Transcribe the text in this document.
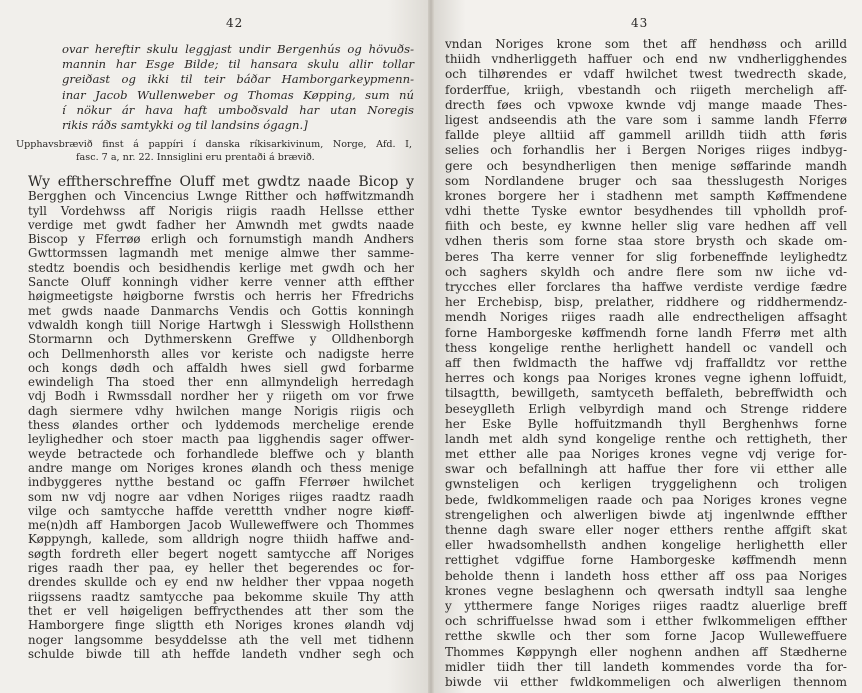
42
ovar hereftir skulu leggjast undir Bergenhús og hövuðs-
mannin har Esge Bilde; til hansara skulu allir tollar
greiðast og ikki til teir báðar Hamborgarkeypmenn-
inar Jacob Wullenweber og Thomas Køpping, sum nú
í nökur ár hava haft umboðsvald har utan Noregis
rikis ráðs samtykki og til landsins ógagn.]
Upphavsbrævið finst á pappíri í danska ríkisarkivinum, Norge, Afd. I,
fasc. 7 a, nr. 22. Innsiglini eru prentaði á brævið.
Wy efftherschreffne Oluff met gwdtz naade Bicop y
Bergghen och Vincencius Lwnge Ritther och høffwitzmandh
tyll Vordehwss aff Norigis riigis raadh Hellsse etther
verdige met gwdt fadher her Amwndh met gwdts naade
Biscop y Fferrøø erligh och fornumstigh mandh Andhers
Gwttormssen lagmandh met menige almwe ther samme-
stedtz boendis och besidhendis kerlige met gwdh och her
Sancte Oluff konningh vidher kerre venner atth effther
høigmeetigste høigborne fwrstis och herris her Ffredrichs
met gwds naade Danmarchs Vendis och Gottis konningh
vdwaldh kongh tiill Norige Hartwgh i Slesswigh Hollsthenn
Stormarnn och Dythmerskenn Greffwe y Olldhenborgh
och Dellmenhorsth alles vor keriste och nadigste herre
och kongs dødh och affaldh hwes siell gwd forbarme
ewindeligh Tha stoed ther enn allmyndeligh herredagh
vdj Bodh i Rwmssdall nordher her y riigeth om vor frwe
dagh siermere vdhy hwilchen mange Norigis riigis och
thess ølandes orther och lyddemods merchelige erende
leylighedher och stoer macth paa ligghendis sager offwer-
weyde betractede och forhandlede bleffwe och y blanth
andre mange om Noriges krones ølandh och thess menige
indbyggeres nytthe bestand oc gaffn Fferrøer hwilchet
som nw vdj nogre aar vdhen Noriges riiges raadtz raadh
vilge och samtycche haffde verettth vndher nogre kiøff-
me(n)dh aff Hamborgen Jacob Wulleweffwere och Thommes
Køppyngh, kallede, som alldrigh nogre thiidh haffwe and-
søgth fordreth eller begert nogett samtycche aff Noriges
riges raadh ther paa, ey heller thet begerendes oc for-
drendes skullde och ey end nw heldher ther vppaa nogeth
riigssens raadtz samtycche paa bekomme skuile Thy atth
thet er vell høigeligen beffrycthendes att ther som the
Hamborgere finge sligtth eth Noriges krones ølandh vdj
noger langsomme besyddelsse ath the vell met tidhenn
schulde biwde till ath heffde landeth vndher segh och
43
vndan Noriges krone som thet aff hendhøss och arilld
thiidh vndherliggeth haffuer och end nw vndherligghendes
och tilhørendes er vdaff hwilchet twest twedrecth skade,
forderffue, kriigh, vbestandh och riigeth mercheligh aff-
drecth føes och vpwoxe kwnde vdj mange maade Thes-
ligest andseendis ath the vare som i samme landh Fferrø
fallde pleye alltiid aff gammell arilldh tiidh atth føris
selies och forhandlis her i Bergen Noriges riiges indbyg-
gere och besyndherligen then menige søffarinde mandh
som Nordlandene bruger och saa thesslugesth Noriges
krones borgere her i stadhenn met sampth Køffmendene
vdhi thette Tyske ewntor besydhendes till vpholldh prof-
fiith och beste, ey kwnne heller slig vare hedhen aff vell
vdhen theris som forne staa store brysth och skade om-
beres Tha kerre venner for slig forbeneffnde leylighedtz
och saghers skyldh och andre flere som nw iiche vd-
trycches eller forclares tha haffwe verdiste verdige fædre
her Erchebisp, bisp, prelather, riddhere og riddhermendz-
mendh Noriges riiges raadh alle endrectheligen affsaght
forne Hamborgeske køffmendh forne landh Fferrø met alth
thess kongelige renthe herlighett handell oc vandell och
aff then fwldmacth the haffwe vdj fraffalldtz vor retthe
herres och kongs paa Noriges krones vegne ighenn loffuidt,
tilsagtth, bewillgeth, samtyceth beffaleth, bebreffwidth och
beseyglleth Erligh velbyrdigh mand och Strenge riddere
her Eske Bylle hoffuitzmandh thyll Berghenhws forne
landh met aldh synd kongelige renthe och rettigheth, ther
met etther alle paa Noriges krones vegne vdj verige for-
swar och befallningh att haffue ther fore vii etther alle
gwnsteligen och kerligen tryggelighenn och troligen
bede, fwldkommeligen raade och paa Noriges krones vegne
strengelighen och alwerligen biwde atj ingenlwnde effther
thenne dagh sware eller noger etthers renthe affgift skat
eller hwadsomhellsth andhen kongelige herlighetth eller
rettighet vdgiffue forne Hamborgeske køffmendh menn
beholde thenn i landeth hoss etther aff oss paa Noriges
krones vegne beslaghenn och qwersath indtyll saa lenghe
y ytthermere fange Noriges riiges raadtz aluerlige breff
och schriffuelsse hwad som i etther fwlkommeligen effther
retthe skwlle och ther som forne Jacop Wulleweffuere
Thommes Køppyngh eller noghenn andhen aff Stædherne
midler tiidh ther till landeth kommendes vorde tha for-
biwde vii etther fwldkommeligen och alwerligen thennom
